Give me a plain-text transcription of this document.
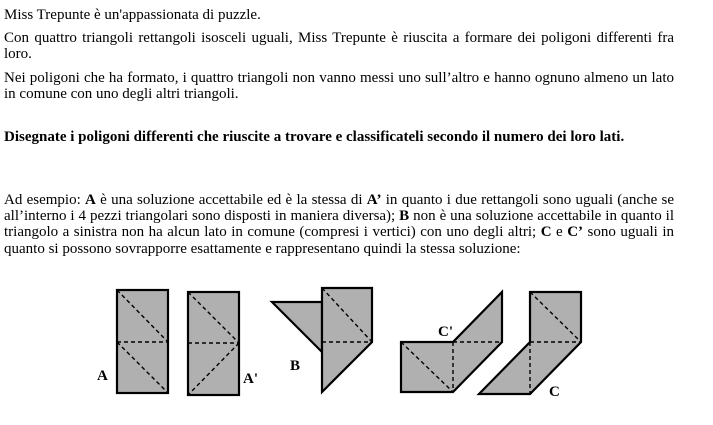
Miss Trepunte è un'appassionata di puzzle.
Con quattro triangoli rettangoli isosceli uguali, Miss Trepunte è riuscita a formare dei poligoni differenti fra loro.
Nei poligoni che ha formato, i quattro triangoli non vanno messi uno sull’altro e hanno ognuno almeno un lato in comune con uno degli altri triangoli.
Disegnate i poligoni differenti che riuscite a trovare e classificateli secondo il numero dei loro lati.
Ad esempio: A è una soluzione accettabile ed è la stessa di A’ in quanto i due rettangoli sono uguali (anche se all’interno i 4 pezzi triangolari sono disposti in maniera diversa); B non è una soluzione accettabile in quanto il triangolo a sinistra non ha alcun lato in comune (compresi i vertici) con uno degli altri; C e C’ sono uguali in quanto si possono sovrapporre esattamente e rappresentano quindi la stessa soluzione:
A	A'
B
C'
C
